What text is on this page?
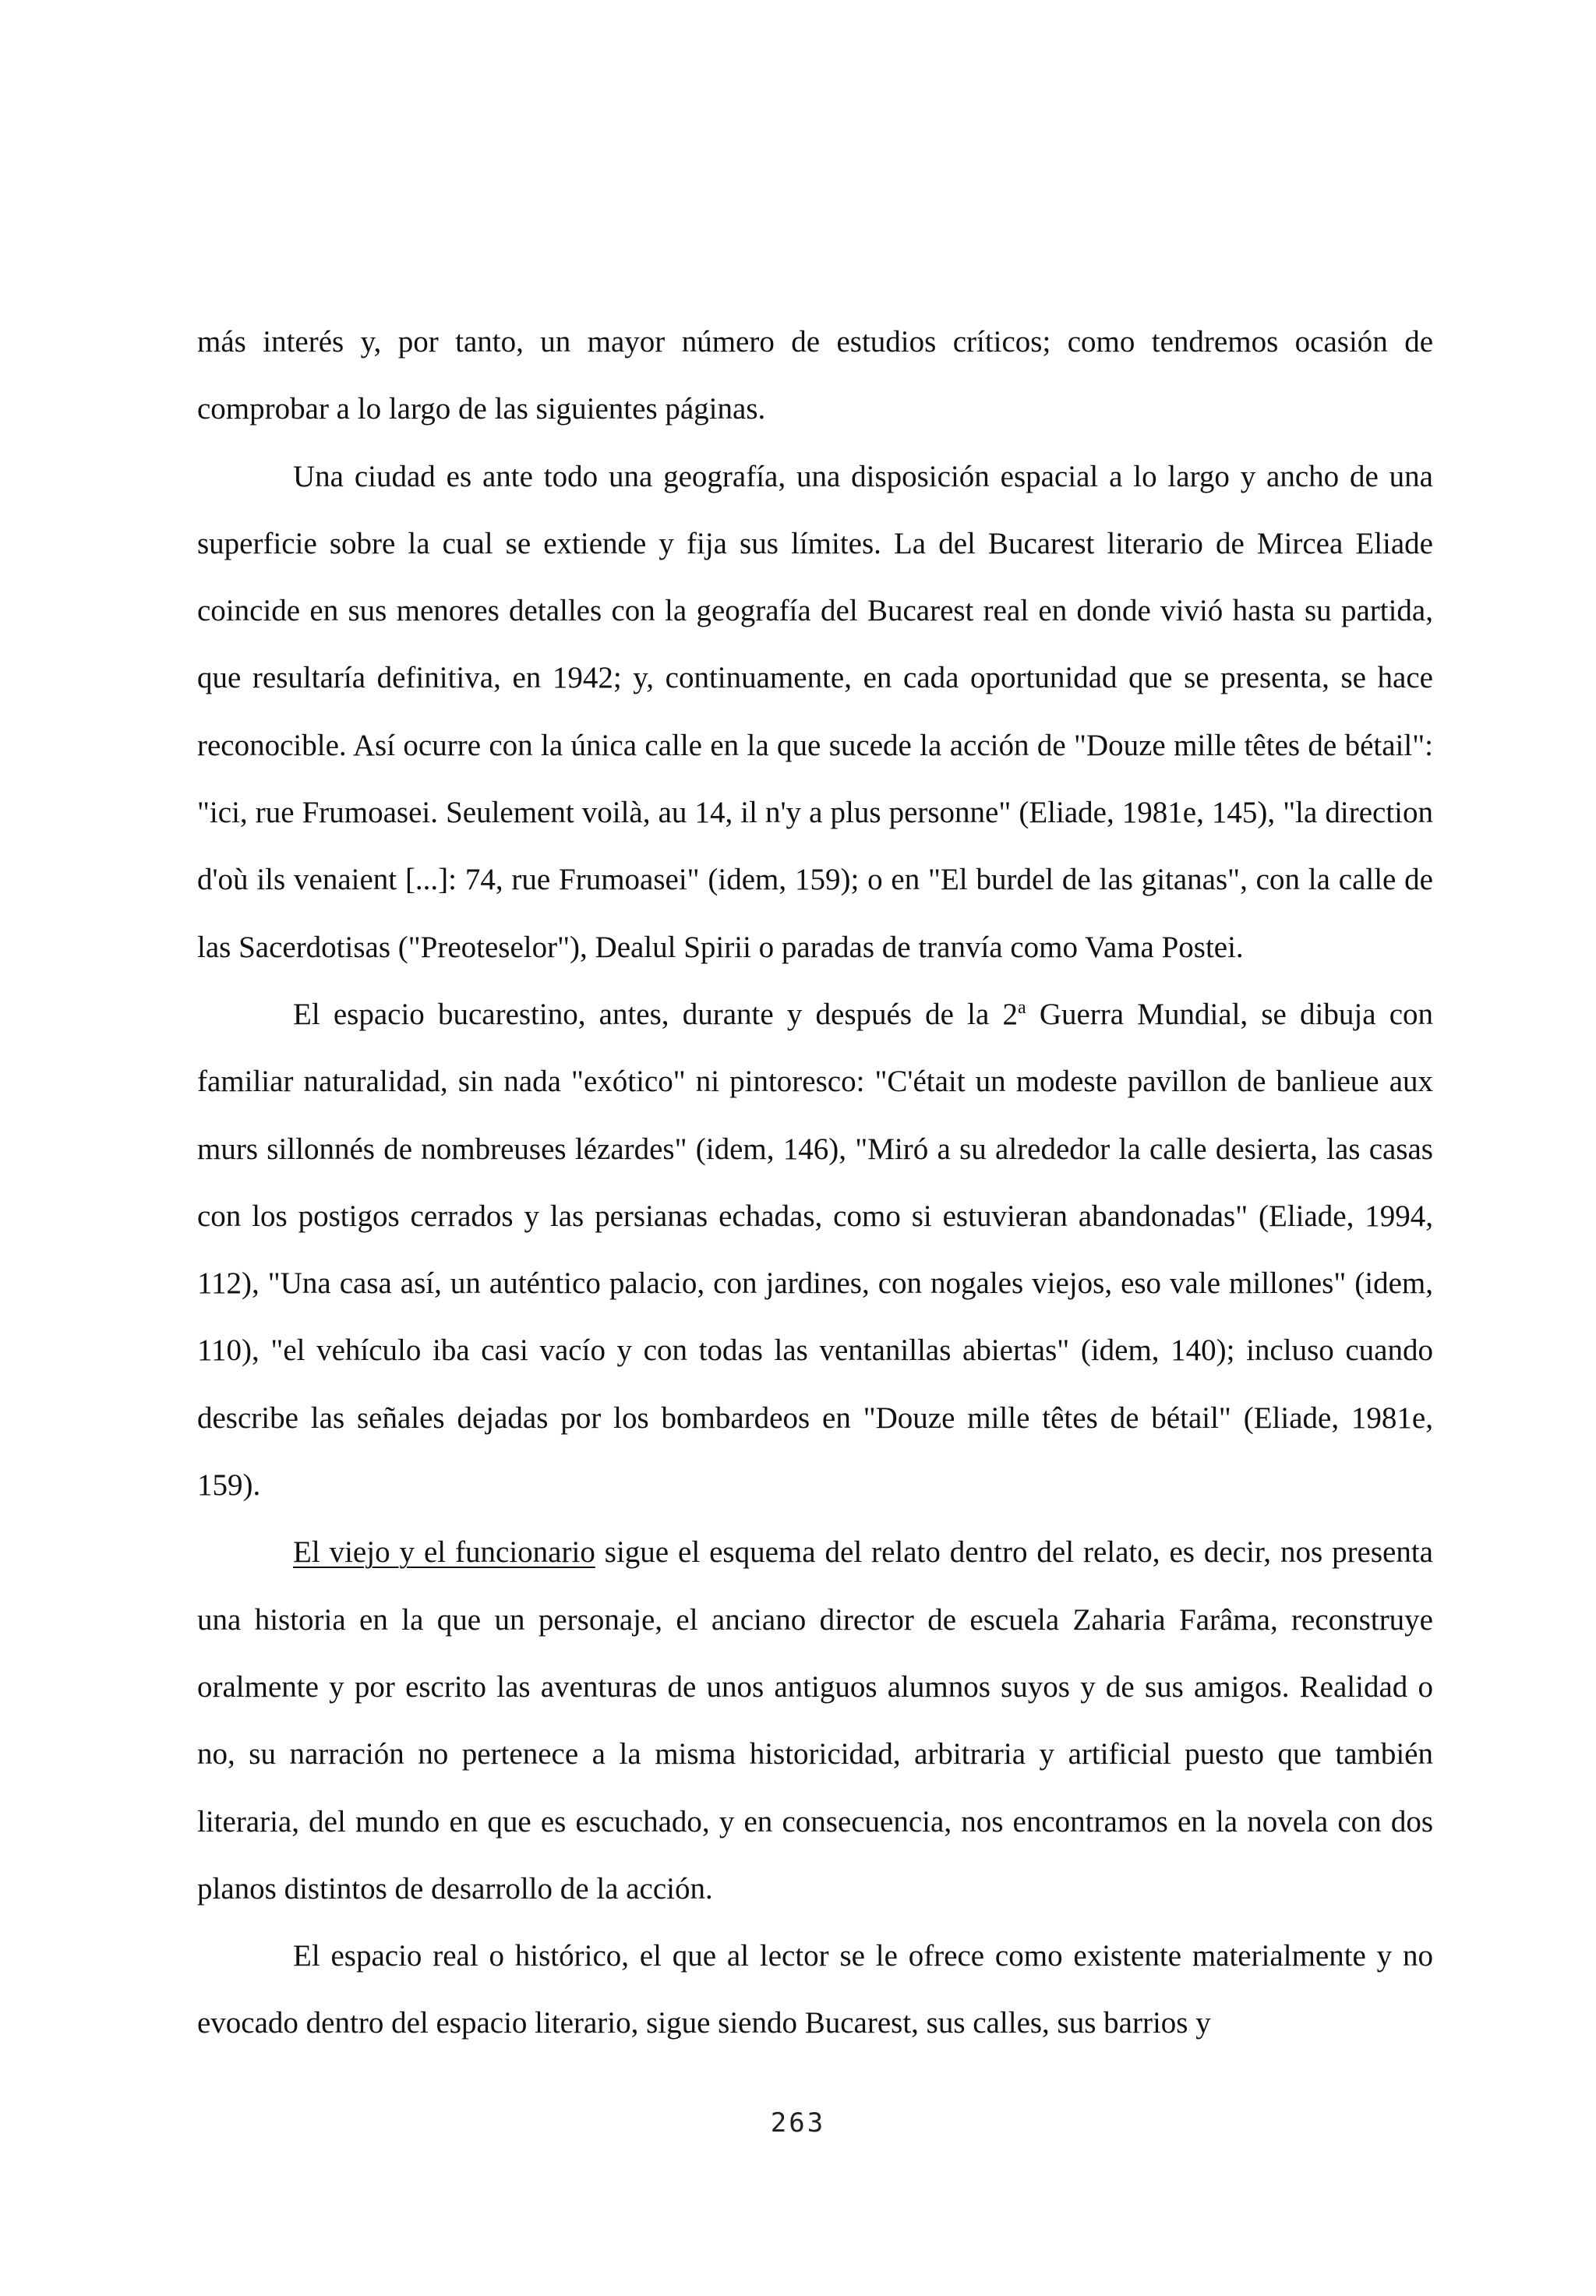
más interés y, por tanto, un mayor número de estudios críticos; como tendremos ocasión de comprobar a lo largo de las siguientes páginas.

Una ciudad es ante todo una geografía, una disposición espacial a lo largo y ancho de una superficie sobre la cual se extiende y fija sus límites. La del Bucarest literario de Mircea Eliade coincide en sus menores detalles con la geografía del Bucarest real en donde vivió hasta su partida, que resultaría definitiva, en 1942; y, continuamente, en cada oportunidad que se presenta, se hace reconocible. Así ocurre con la única calle en la que sucede la acción de "Douze mille têtes de bétail": "ici, rue Frumoasei. Seulement voilà, au 14, il n'y a plus personne" (Eliade, 1981e, 145), "la direction d'où ils venaient [...]: 74, rue Frumoasei" (idem, 159); o en "El burdel de las gitanas", con la calle de las Sacerdotisas ("Preoteselor"), Dealul Spirii o paradas de tranvía como Vama Postei.

El espacio bucarestino, antes, durante y después de la 2$^a$ Guerra Mundial, se dibuja con familiar naturalidad, sin nada "exótico" ni pintoresco: "C'était un modeste pavillon de banlieue aux murs sillonnés de nombreuses lézardes" (idem, 146), "Miró a su alrededor la calle desierta, las casas con los postigos cerrados y las persianas echadas, como si estuvieran abandonadas" (Eliade, 1994, 112), "Una casa así, un auténtico palacio, con jardines, con nogales viejos, eso vale millones" (idem, 110), "el vehículo iba casi vacío y con todas las ventanillas abiertas" (idem, 140); incluso cuando describe las señales dejadas por los bombardeos en "Douze mille têtes de bétail" (Eliade, 1981e, 159).

El viejo y el funcionario sigue el esquema del relato dentro del relato, es decir, nos presenta una historia en la que un personaje, el anciano director de escuela Zaharia Farâma, reconstruye oralmente y por escrito las aventuras de unos antiguos alumnos suyos y de sus amigos. Realidad o no, su narración no pertenece a la misma historicidad, arbitraria y artificial puesto que también literaria, del mundo en que es escuchado, y en consecuencia, nos encontramos en la novela con dos planos distintos de desarrollo de la acción.

El espacio real o histórico, el que al lector se le ofrece como existente materialmente y no evocado dentro del espacio literario, sigue siendo Bucarest, sus calles, sus barrios y

263
